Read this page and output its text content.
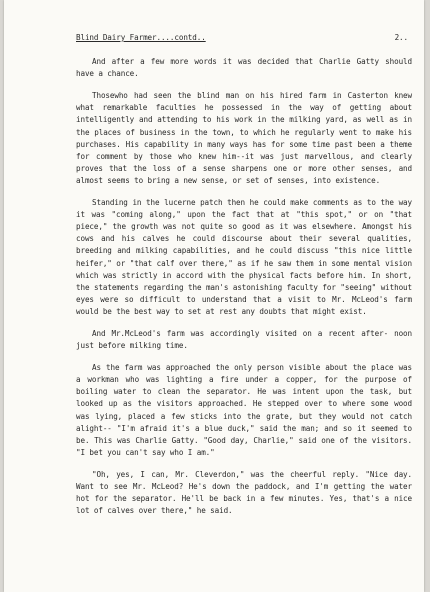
Blind Dairy Farmer....contd..	2..

And after a few more words it was decided that Charlie Gatty should have a chance.

Thosewho had seen the blind man on his hired farm in Casterton knew what remarkable faculties he possessed in the way of getting about intelligently and attending to his work in the milking yard, as well as in the places of business in the town, to which he regularly went to make his purchases. His capability in many ways has for some time past been a theme for comment by those who knew him--it was just marvellous, and clearly proves that the loss of a sense sharpens one or more other senses, and almost seems to bring a new sense, or set of senses, into existence.

Standing in the lucerne patch then he could make comments as to the way it was "coming along," upon the fact that at "this spot," or on "that piece," the growth was not quite so good as it was elsewhere. Amongst his cows and his calves he could discourse about their several qualities, breeding and milking capabilities, and he could discuss "this nice little heifer," or "that calf over there," as if he saw them in some mental vision which was strictly in accord with the physical facts before him. In short, the statements regarding the man's astonishing faculty for "seeing" without eyes were so difficult to understand that a visit to Mr. McLeod's farm would be the best way to set at rest any doubts that might exist.

And Mr.McLeod's farm was accordingly visited on a recent after- noon just before milking time.

As the farm was approached the only person visible about the place was a workman who was lighting a fire under a copper, for the purpose of boiling water to clean the separator. He was intent upon the task, but looked up as the visitors approached. He stepped over to where some wood was lying, placed a few sticks into the grate, but they would not catch alight-- "I'm afraid it's a blue duck," said the man; and so it seemed to be. This was Charlie Gatty. "Good day, Charlie," said one of the visitors. "I bet you can't say who I am."

"Oh, yes, I can, Mr. Cleverdon," was the cheerful reply. "Nice day. Want to see Mr. McLeod? He's down the paddock, and I'm getting the water hot for the separator. He'll be back in a few minutes. Yes, that's a nice lot of calves over there," he said.
